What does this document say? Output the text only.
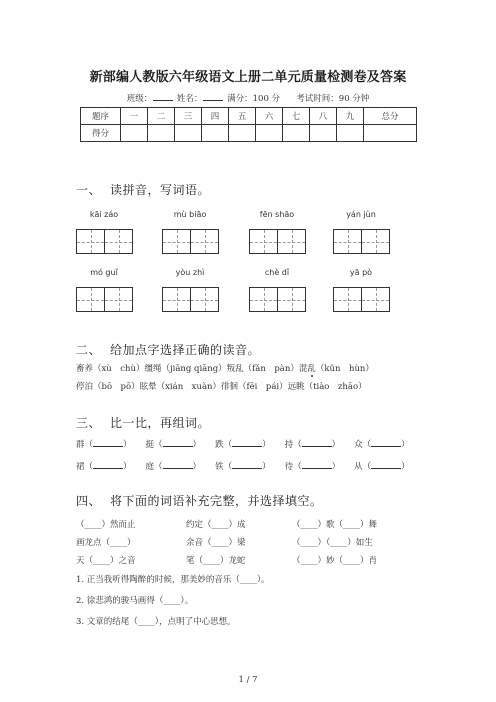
新部编人教版六年级语文上册二单元质量检测卷及答案
班级：	姓名：	满分：100 分 考试时间：90 分钟
题序	一	二	三	四	五	六	七	八	九	总分
得分										
一、 读拼音，写词语。
kāi záo	mù biāo	fēn shāo	yán jùn
mó guǐ	yòu zhì	chè dǐ	yā pò
二、 给加点字选择正确的读音。
畜养（xù　chù）缰绳（jiāng qiāng）叛乱（fǎn　pàn）混乱（kǔn　hùn）
停泊（bō　pō）眩晕（xián　xuàn）徘徊（fēi　pái）远眺（tiào　zhāo）
三、 比一比，再组词。
群（	） 挺（	） 跌（	） 持（	） 众（	）
裙（	） 庭（	） 铁（	） 待（	） 从（	）
四、 将下面的词语补充完整，并选择填空。
（____）然而止	约定（____）成	（____）歌（____）舞
画龙点（____）	余音（____）梁	（____）（____）如生
天（____）之音	笔（____）龙蛇	（____）妙（____）肖
1. 正当我听得陶醉的时候，那美妙的音乐（____）。
2. 徐悲鸿的骏马画得（____）。
3. 文章的结尾（____），点明了中心思想。
1 / 7
